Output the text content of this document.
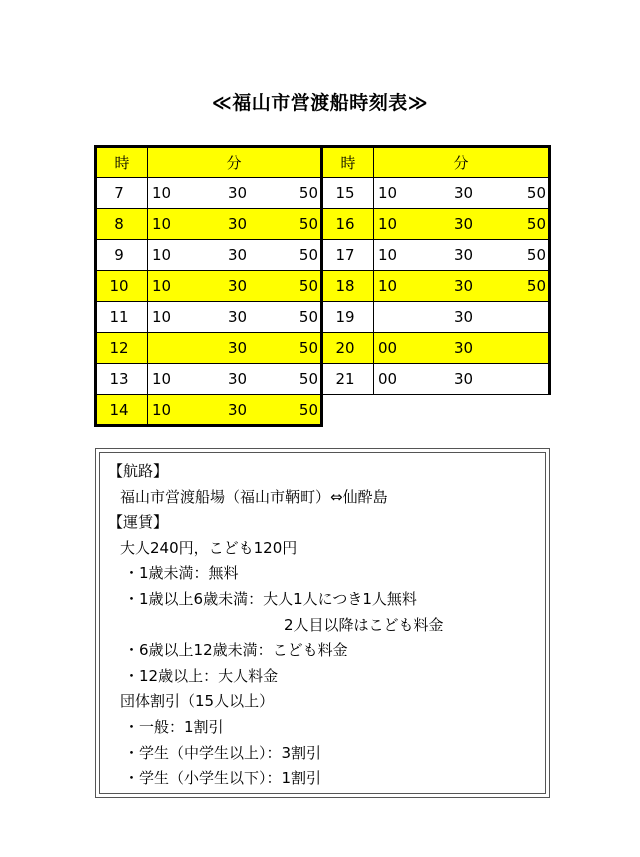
≪福山市営渡船時刻表≫
時	分	時	分
7	10 30 50	15	10 30 50

8	10 30 50	16	10 30 50

9	10 30 50	17	10 30 50

10	10 30 50	18	10 30 50

11	10 30 50	19	30

12	30 50	20	00 30

13	10 30 50	21	00 30

14	10 30 50		

【航路】
福山市営渡船場（福山市鞆町）⇔仙酔島
【運賃】
大人240円，こども120円
・1歳未満：無料
・1歳以上6歳未満：大人1人につき1人無料
2人目以降はこども料金
・6歳以上12歳未満：こども料金
・12歳以上：大人料金
団体割引（15人以上）
・一般：1割引
・学生（中学生以上）：3割引
・学生（小学生以下）：1割引
